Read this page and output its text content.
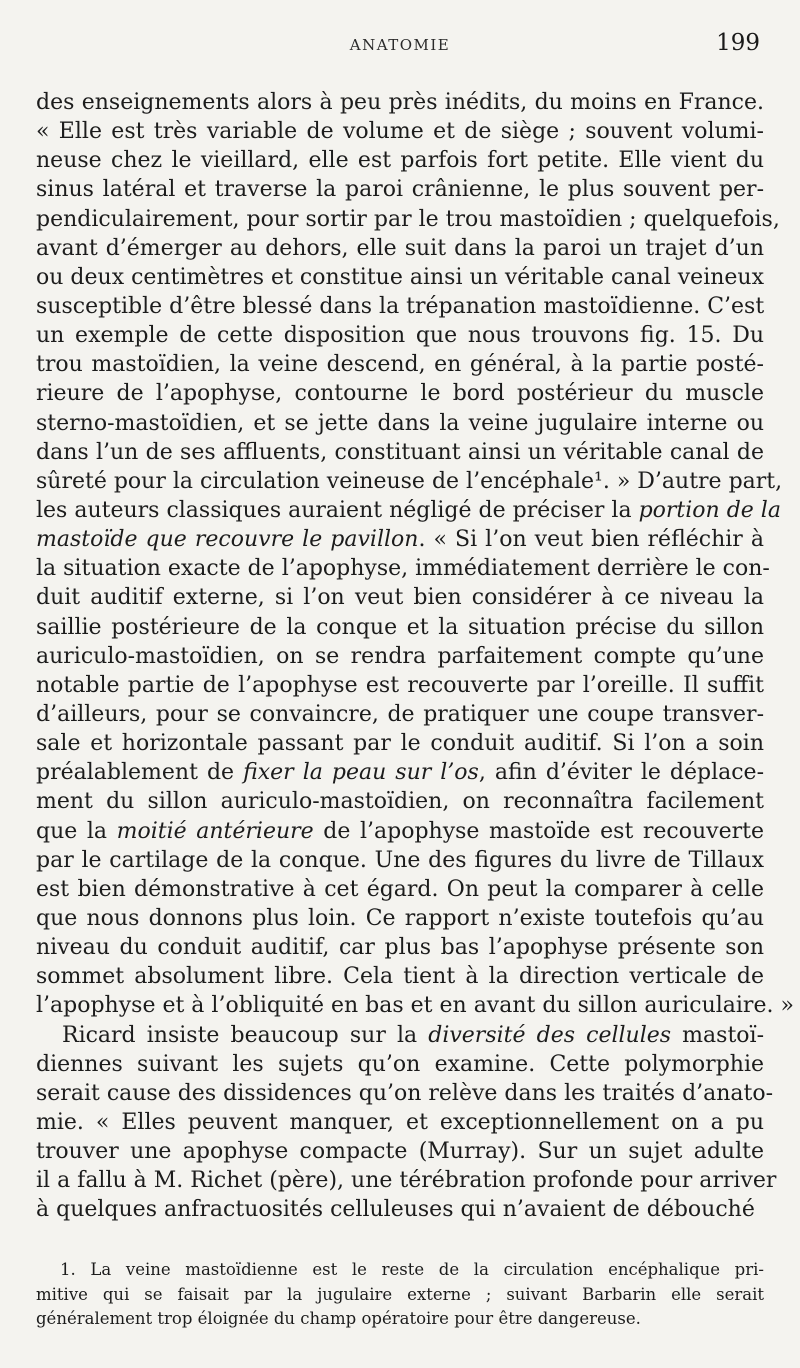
ANATOMIE	199
des enseignements alors à peu près inédits, du moins en France.
« Elle est très variable de volume et de siège ; souvent volumi-
neuse chez le vieillard, elle est parfois fort petite. Elle vient du
sinus latéral et traverse la paroi crânienne, le plus souvent per-
pendiculairement, pour sortir par le trou mastoïdien ; quelquefois,
avant d’émerger au dehors, elle suit dans la paroi un trajet d’un
ou deux centimètres et constitue ainsi un véritable canal veineux
susceptible d’être blessé dans la trépanation mastoïdienne. C’est
un exemple de cette disposition que nous trouvons fig. 15. Du
trou mastoïdien, la veine descend, en général, à la partie posté-
rieure de l’apophyse, contourne le bord postérieur du muscle
sterno-mastoïdien, et se jette dans la veine jugulaire interne ou
dans l’un de ses affluents, constituant ainsi un véritable canal de
sûreté pour la circulation veineuse de l’encéphale¹. » D’autre part,
les auteurs classiques auraient négligé de préciser la portion de la
mastoïde que recouvre le pavillon. « Si l’on veut bien réfléchir à
la situation exacte de l’apophyse, immédiatement derrière le con-
duit auditif externe, si l’on veut bien considérer à ce niveau la
saillie postérieure de la conque et la situation précise du sillon
auriculo-mastoïdien, on se rendra parfaitement compte qu’une
notable partie de l’apophyse est recouverte par l’oreille. Il suffit
d’ailleurs, pour se convaincre, de pratiquer une coupe transver-
sale et horizontale passant par le conduit auditif. Si l’on a soin
préalablement de fixer la peau sur l’os, afin d’éviter le déplace-
ment du sillon auriculo-mastoïdien, on reconnaîtra facilement
que la moitié antérieure de l’apophyse mastoïde est recouverte
par le cartilage de la conque. Une des figures du livre de Tillaux
est bien démonstrative à cet égard. On peut la comparer à celle
que nous donnons plus loin. Ce rapport n’existe toutefois qu’au
niveau du conduit auditif, car plus bas l’apophyse présente son
sommet absolument libre. Cela tient à la direction verticale de
l’apophyse et à l’obliquité en bas et en avant du sillon auriculaire. »
Ricard insiste beaucoup sur la diversité des cellules mastoï-
diennes suivant les sujets qu’on examine. Cette polymorphie
serait cause des dissidences qu’on relève dans les traités d’anato-
mie. « Elles peuvent manquer, et exceptionnellement on a pu
trouver une apophyse compacte (Murray). Sur un sujet adulte
il a fallu à M. Richet (père), une térébration profonde pour arriver
à quelques anfractuosités celluleuses qui n’avaient de débouché
1. La veine mastoïdienne est le reste de la circulation encéphalique pri-
mitive qui se faisait par la jugulaire externe ; suivant Barbarin elle serait
généralement trop éloignée du champ opératoire pour être dangereuse.
